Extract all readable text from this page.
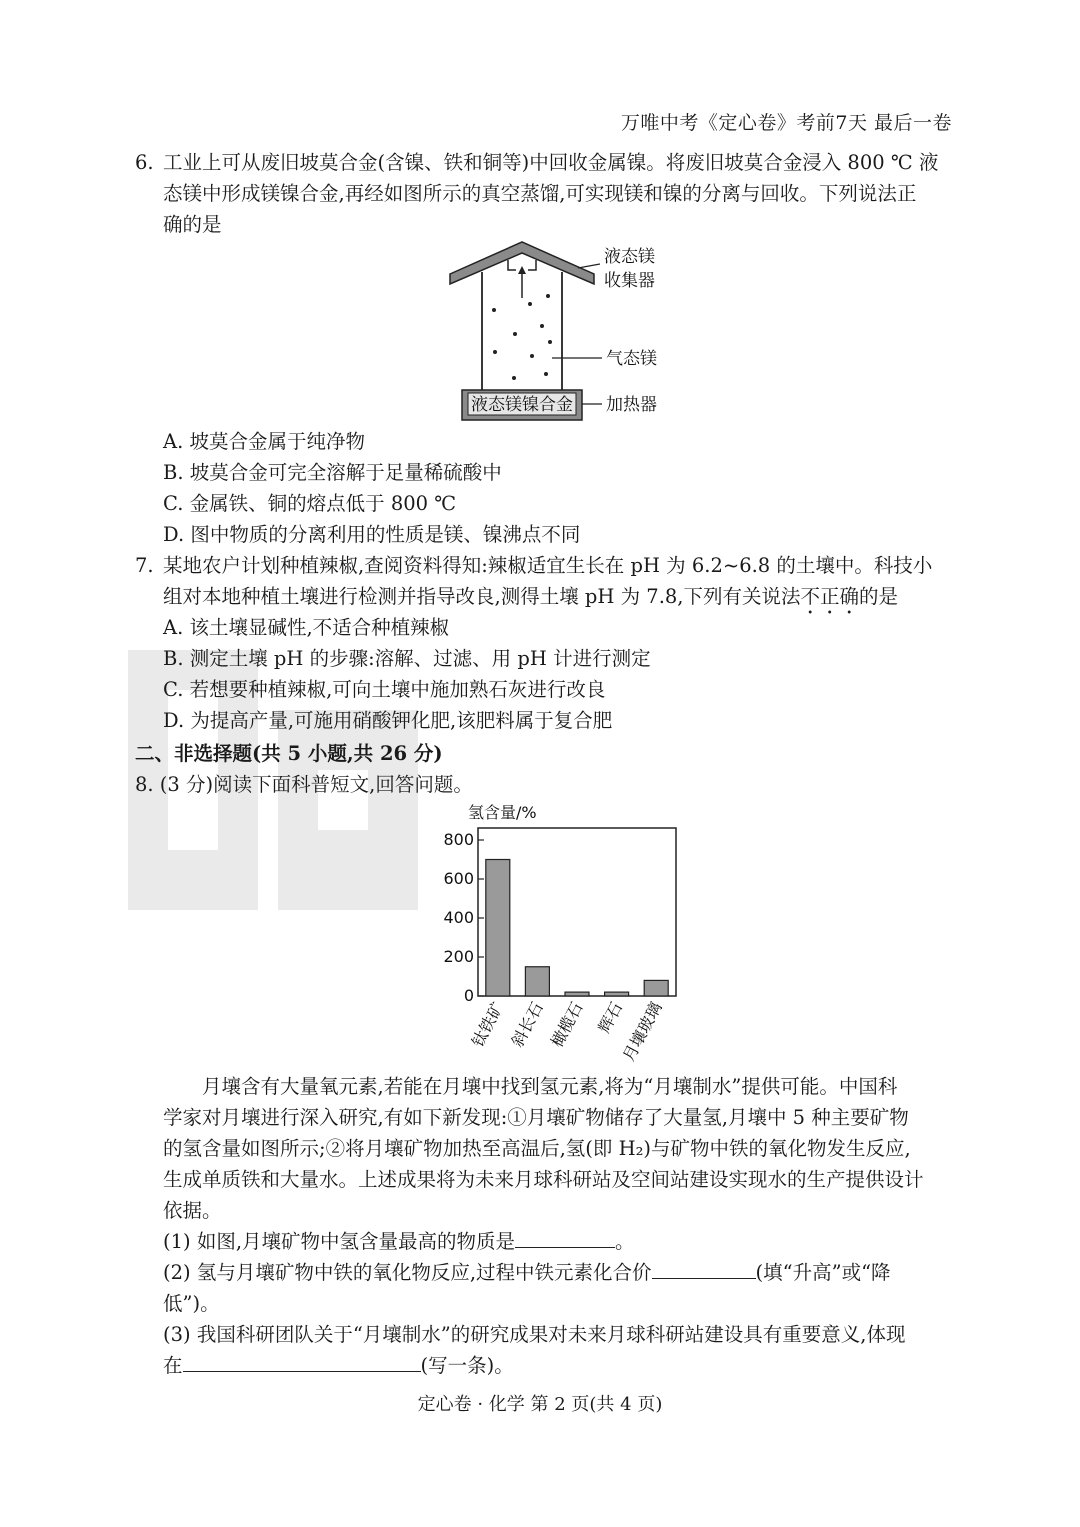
万唯中考《定心卷》考前7天 最后一卷
6. 工业上可从废旧坡莫合金(含镍、铁和铜等)中回收金属镍。将废旧坡莫合金浸入 800 ℃ 液
态镁中形成镁镍合金,再经如图所示的真空蒸馏,可实现镁和镍的分离与回收。下列说法正
确的是
液态镁镍合金
液态镁
收集器
气态镁
加热器
A. 坡莫合金属于纯净物
B. 坡莫合金可完全溶解于足量稀硫酸中
C. 金属铁、铜的熔点低于 800 ℃
D. 图中物质的分离利用的性质是镁、镍沸点不同
7. 某地农户计划种植辣椒,查阅资料得知:辣椒适宜生长在 pH 为 6.2~6.8 的土壤中。科技小
组对本地种植土壤进行检测并指导改良,测得土壤 pH 为 7.8,下列有关说法不正确的是
A. 该土壤显碱性,不适合种植辣椒
B. 测定土壤 pH 的步骤:溶解、过滤、用 pH 计进行测定
C. 若想要种植辣椒,可向土壤中施加熟石灰进行改良
D. 为提高产量,可施用硝酸钾化肥,该肥料属于复合肥
二、非选择题(共 5 小题,共 26 分)
8. (3 分)阅读下面科普短文,回答问题。
氢含量/%
0
200
400
600
800
钛铁矿 斜长石 橄榄石 辉石
月壤玻璃

月壤含有大量氧元素,若能在月壤中找到氢元素,将为“月壤制水”提供可能。中国科

学家对月壤进行深入研究,有如下新发现:①月壤矿物储存了大量氢,月壤中 5 种主要矿物

的氢含量如图所示;②将月壤矿物加热至高温后,氢(即 H₂)与矿物中铁的氧化物发生反应,

生成单质铁和大量水。上述成果将为未来月球科研站及空间站建设实现水的生产提供设计

依据。

(1) 如图,月壤矿物中氢含量最高的物质是	。

(2) 氢与月壤矿物中铁的氧化物反应,过程中铁元素化合价	(填“升高”或“降

低”)。

(3) 我国科研团队关于“月壤制水”的研究成果对未来月球科研站建设具有重要意义,体现

在	(写一条)。

定心卷 · 化学 第 2 页(共 4 页)
